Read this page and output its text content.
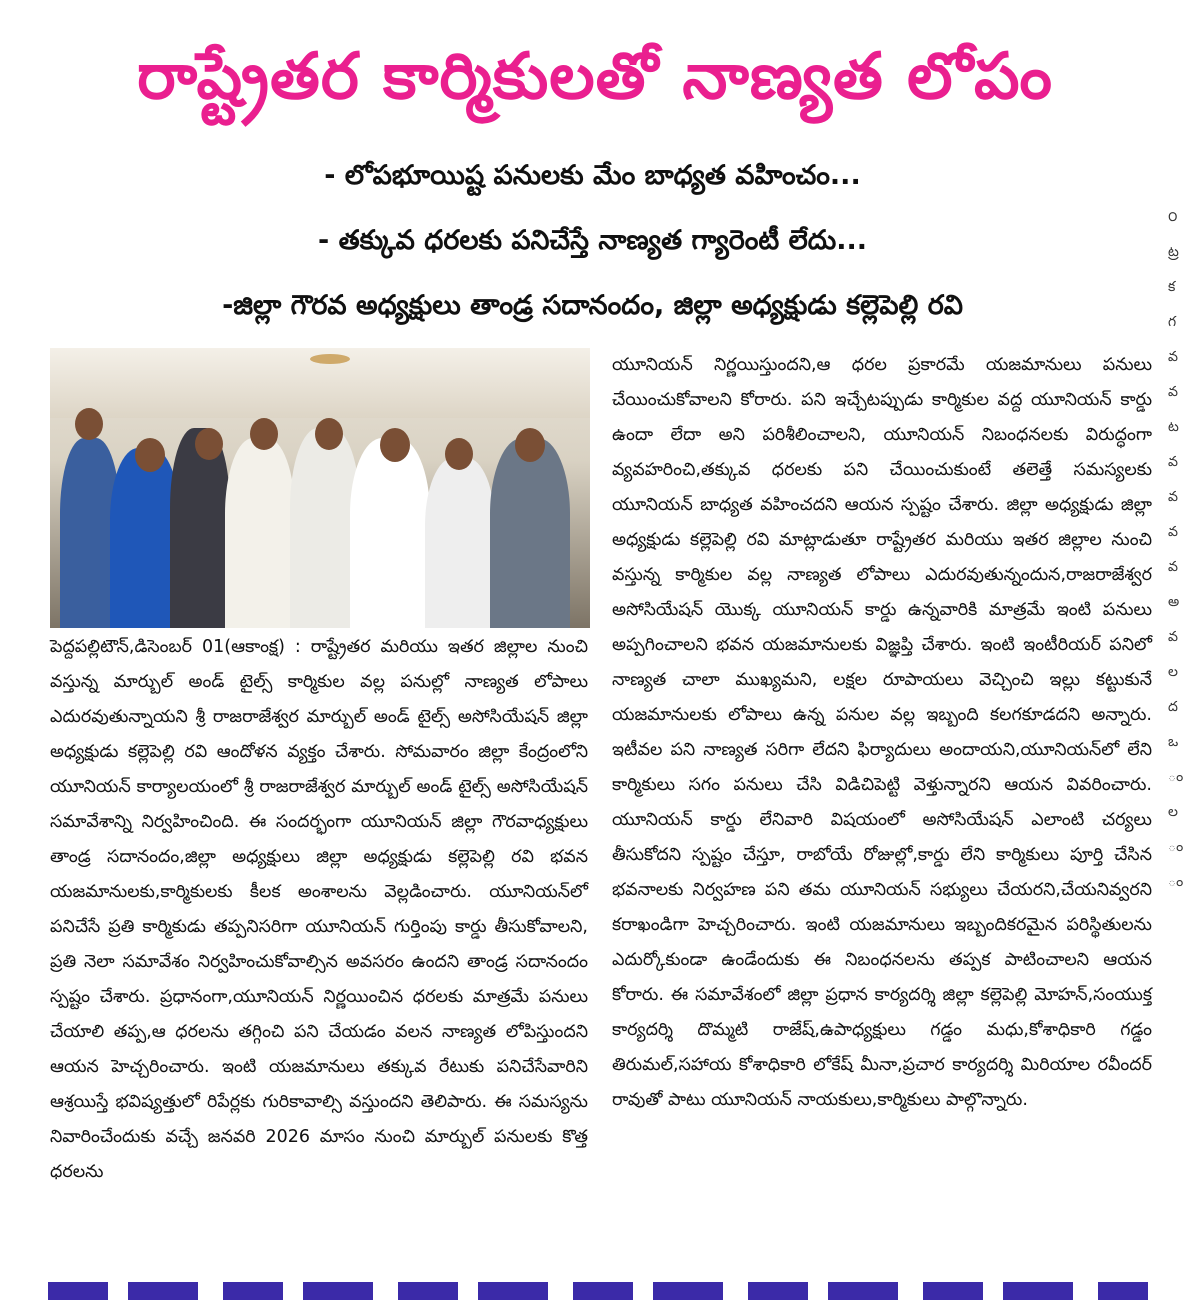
రాష్ట్రేతర కార్మికులతో నాణ్యత లోపం
- లోపభూయిష్ట పనులకు మేం బాధ్యత వహించం...
- తక్కువ ధరలకు పనిచేస్తే నాణ్యత గ్యారెంటీ లేదు...
-జిల్లా గౌరవ అధ్యక్షులు తాండ్ర సదానందం, జిల్లా అధ్యక్షుడు కల్లెపెల్లి రవి

పెద్దపల్లిటౌన్,డిసెంబర్ 01(ఆకాంక్ష) : రాష్ట్రేతర మరియు ఇతర జిల్లాల నుంచి వస్తున్న మార్బుల్ అండ్ టైల్స్ కార్మికుల వల్ల పనుల్లో నాణ్యత లోపాలు ఎదురవుతున్నాయని శ్రీ రాజరాజేశ్వర మార్బుల్ అండ్ టైల్స్ అసోసియేషన్ జిల్లా అధ్యక్షుడు కల్లెపెల్లి రవి ఆందోళన వ్యక్తం చేశారు. సోమవారం జిల్లా కేంద్రంలోని యూనియన్ కార్యాలయంలో శ్రీ రాజరాజేశ్వర మార్బుల్ అండ్ టైల్స్ అసోసియేషన్ సమావేశాన్ని నిర్వహించింది. ఈ సందర్భంగా యూనియన్ జిల్లా గౌరవాధ్యక్షులు తాండ్ర సదానందం,జిల్లా అధ్యక్షులు జిల్లా అధ్యక్షుడు కల్లెపెల్లి రవి భవన యజమానులకు,కార్మికులకు కీలక అంశాలను వెల్లడించారు. యూనియన్‌లో పనిచేసే ప్రతి కార్మికుడు తప్పనిసరిగా యూనియన్ గుర్తింపు కార్డు తీసుకోవాలని, ప్రతి నెలా సమావేశం నిర్వహించుకోవాల్సిన అవసరం ఉందని తాండ్ర సదానందం స్పష్టం చేశారు. ప్రధానంగా,యూనియన్ నిర్ణయించిన ధరలకు మాత్రమే పనులు చేయాలి తప్ప,ఆ ధరలను తగ్గించి పని చేయడం వలన నాణ్యత లోపిస్తుందని ఆయన హెచ్చరించారు. ఇంటి యజమానులు తక్కువ రేటుకు పనిచేసేవారిని ఆశ్రయిస్తే భవిష్యత్తులో రిపేర్లకు గురికావాల్సి వస్తుందని తెలిపారు. ఈ సమస్యను నివారించేందుకు వచ్చే జనవరి 2026 మాసం నుంచి మార్బుల్ పనులకు కొత్త ధరలను

యూనియన్ నిర్ణయిస్తుందని,ఆ ధరల ప్రకారమే యజమానులు పనులు చేయించుకోవాలని కోరారు. పని ఇచ్చేటప్పుడు కార్మికుల వద్ద యూనియన్ కార్డు ఉందా లేదా అని పరిశీలించాలని, యూనియన్ నిబంధనలకు విరుద్ధంగా వ్యవహరించి,తక్కువ ధరలకు పని చేయించుకుంటే తలెత్తే సమస్యలకు యూనియన్ బాధ్యత వహించదని ఆయన స్పష్టం చేశారు. జిల్లా అధ్యక్షుడు జిల్లా అధ్యక్షుడు కల్లెపెల్లి రవి మాట్లాడుతూ రాష్ట్రేతర మరియు ఇతర జిల్లాల నుంచి వస్తున్న కార్మికుల వల్ల నాణ్యత లోపాలు ఎదురవుతున్నందున,రాజరాజేశ్వర అసోసియేషన్ యొక్క యూనియన్ కార్డు ఉన్నవారికి మాత్రమే ఇంటి పనులు అప్పగించాలని భవన యజమానులకు విజ్ఞప్తి చేశారు. ఇంటి ఇంటీరియర్ పనిలో నాణ్యత చాలా ముఖ్యమని, లక్షల రూపాయలు వెచ్చించి ఇల్లు కట్టుకునే యజమానులకు లోపాలు ఉన్న పనుల వల్ల ఇబ్బంది కలగకూడదని అన్నారు. ఇటీవల పని నాణ్యత సరిగా లేదని ఫిర్యాదులు అందాయని,యూనియన్‌లో లేని కార్మికులు సగం పనులు చేసి విడిచిపెట్టి వెళ్తున్నారని ఆయన వివరించారు. యూనియన్ కార్డు లేనివారి విషయంలో అసోసియేషన్ ఎలాంటి చర్యలు తీసుకోదని స్పష్టం చేస్తూ, రాబోయే రోజుల్లో,కార్డు లేని కార్మికులు పూర్తి చేసిన భవనాలకు నిర్వహణ పని తమ యూనియన్ సభ్యులు చేయరని,చేయనివ్వరని కరాఖండిగా హెచ్చరించారు. ఇంటి యజమానులు ఇబ్బందికరమైన పరిస్థితులను ఎదుర్కోకుండా ఉండేందుకు ఈ నిబంధనలను తప్పక పాటించాలని ఆయన కోరారు. ఈ సమావేశంలో జిల్లా ప్రధాన కార్యదర్శి జిల్లా కల్లెపెల్లి మోహన్,సంయుక్త కార్యదర్శి దొమ్మటి రాజేష్,ఉపాధ్యక్షులు గడ్డం మధు,కోశాధికారి గడ్డం తిరుమల్,సహాయ కోశాధికారి లోకేష్ మీనా,ప్రచార కార్యదర్శి మిరియాల రవీందర్ రావుతో పాటు యూనియన్ నాయకులు,కార్మికులు పాల్గొన్నారు.

౦ ట్ర క గ వ వ ట వ వ వ వ అ వ ల ద ఒ ం ల ం ం
